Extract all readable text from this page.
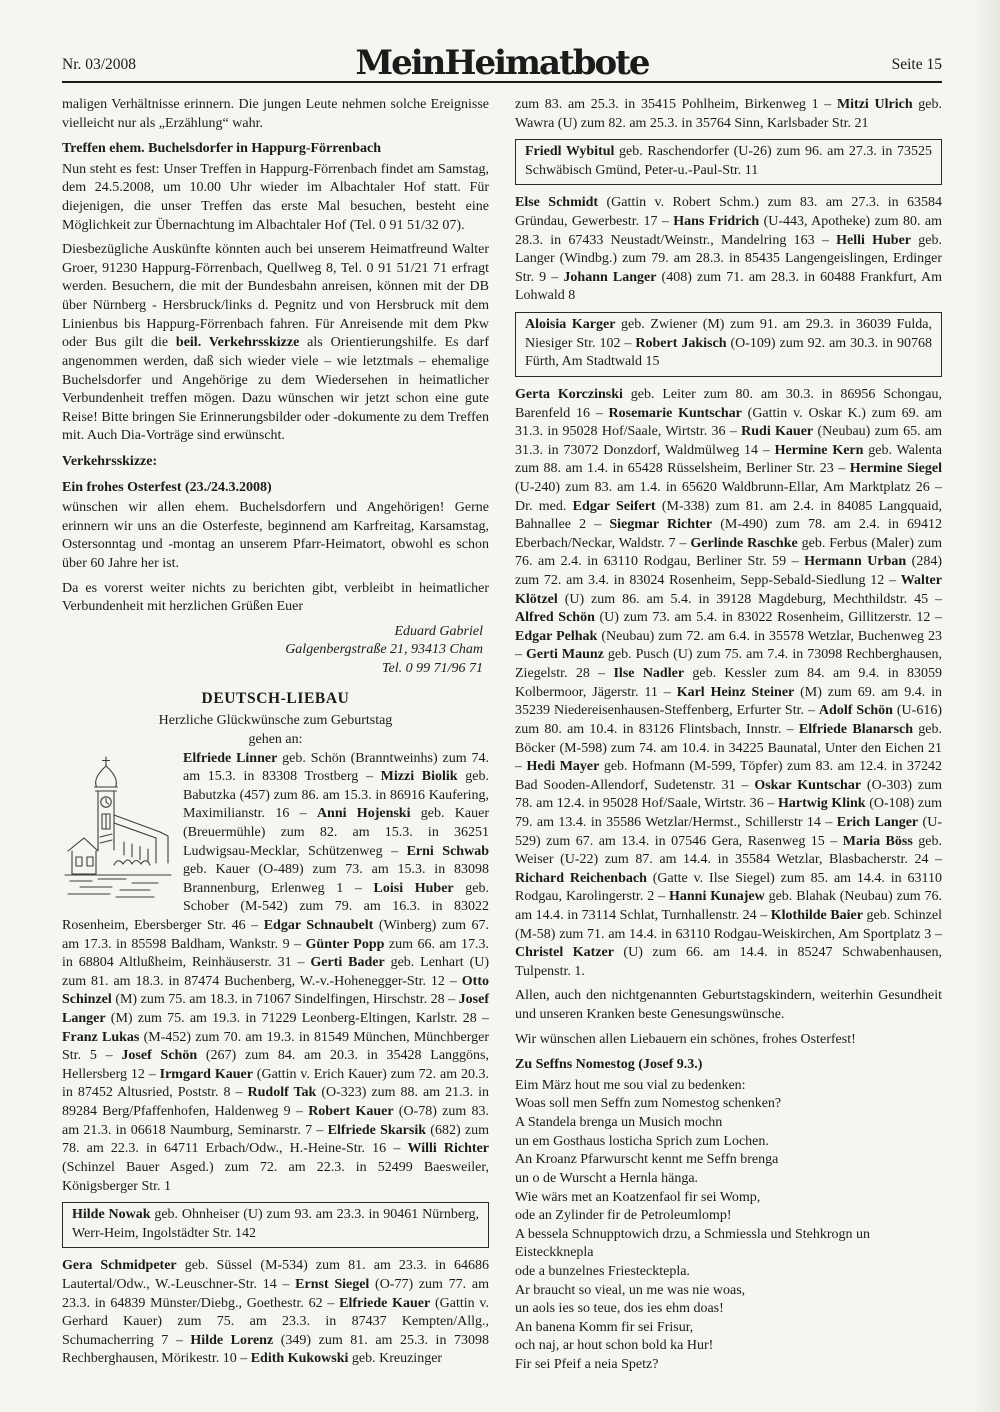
Nr. 03/2008	MeinHeimatbote	Seite 15

maligen Verhältnisse erinnern. Die jungen Leute nehmen solche Ereignisse vielleicht nur als „Erzählung“ wahr.

Treffen ehem. Buchelsdorfer in Happurg-Förrenbach

Nun steht es fest: Unser Treffen in Happurg-Förrenbach findet am Samstag, dem 24.5.2008, um 10.00 Uhr wieder im Albachtaler Hof statt. Für diejenigen, die unser Treffen das erste Mal besuchen, besteht eine Möglichkeit zur Übernachtung im Albachtaler Hof (Tel. 0 91 51/32 07).

Diesbezügliche Auskünfte könnten auch bei unserem Heimatfreund Walter Groer, 91230 Happurg-Förrenbach, Quellweg 8, Tel. 0 91 51/21 71 erfragt werden. Besuchern, die mit der Bundesbahn anreisen, können mit der DB über Nürnberg - Hersbruck/links d. Pegnitz und von Hersbruck mit dem Linienbus bis Happurg-Förrenbach fahren. Für Anreisende mit dem Pkw oder Bus gilt die beil. Verkehrsskizze als Orientierungshilfe. Es darf angenommen werden, daß sich wieder viele – wie letztmals – ehemalige Buchelsdorfer und Angehörige zu dem Wiedersehen in heimatlicher Verbundenheit treffen mögen. Dazu wünschen wir jetzt schon eine gute Reise! Bitte bringen Sie Erinnerungsbilder oder -dokumente zu dem Treffen mit. Auch Dia-Vorträge sind erwünscht.

Verkehrsskizze:

Ein frohes Osterfest (23./24.3.2008)

wünschen wir allen ehem. Buchelsdorfern und Angehörigen! Gerne erinnern wir uns an die Osterfeste, beginnend am Karfreitag, Karsamstag, Ostersonntag und -montag an unserem Pfarr-Heimatort, obwohl es schon über 60 Jahre her ist.

Da es vorerst weiter nichts zu berichten gibt, verbleibt in heimatlicher Verbundenheit mit herzlichen Grüßen Euer

Eduard Gabriel
Galgenbergstraße 21, 93413 Cham
Tel. 0 99 71/96 71

DEUTSCH-LIEBAU

Herzliche Glückwünsche zum Geburtstag

gehen an:

Elfriede Linner geb. Schön (Branntweinhs) zum 74. am 15.3. in 83308 Trostberg – Mizzi Biolik geb. Babutzka (457) zum 86. am 15.3. in 86916 Kaufering, Maximilianstr. 16 – Anni Hojenski geb. Kauer (Breuermühle) zum 82. am 15.3. in 36251 Ludwigsau-Mecklar, Schützenweg – Erni Schwab geb. Kauer (O-489) zum 73. am 15.3. in 83098 Brannenburg, Erlenweg 1 – Loisi Huber geb. Schober (M-542) zum 79. am 16.3. in 83022 Rosenheim, Ebersberger Str. 46 – Edgar Schnaubelt (Winberg) zum 67. am 17.3. in 85598 Baldham, Wankstr. 9 – Günter Popp zum 66. am 17.3. in 68804 Altlußheim, Reinhäuserstr. 31 – Gerti Bader geb. Lenhart (U) zum 81. am 18.3. in 87474 Buchenberg, W.-v.-Hohenegger-Str. 12 – Otto Schinzel (M) zum 75. am 18.3. in 71067 Sindelfingen, Hirschstr. 28 – Josef Langer (M) zum 75. am 19.3. in 71229 Leonberg-Eltingen, Karlstr. 28 – Franz Lukas (M-452) zum 70. am 19.3. in 81549 München, Münchberger Str. 5 – Josef Schön (267) zum 84. am 20.3. in 35428 Langgöns, Hellersberg 12 – Irmgard Kauer (Gattin v. Erich Kauer) zum 72. am 20.3. in 87452 Altusried, Poststr. 8 – Rudolf Tak (O-323) zum 88. am 21.3. in 89284 Berg/Pfaffenhofen, Haldenweg 9 – Robert Kauer (O-78) zum 83. am 21.3. in 06618 Naumburg, Seminarstr. 7 – Elfriede Skarsik (682) zum 78. am 22.3. in 64711 Erbach/Odw., H.-Heine-Str. 16 – Willi Richter (Schinzel Bauer Asged.) zum 72. am 22.3. in 52499 Baesweiler, Königsberger Str. 1

Hilde Nowak geb. Ohnheiser (U) zum 93. am 23.3. in 90461 Nürnberg, Werr-Heim, Ingolstädter Str. 142

Gera Schmidpeter geb. Süssel (M-534) zum 81. am 23.3. in 64686 Lautertal/Odw., W.-Leuschner-Str. 14 – Ernst Siegel (O-77) zum 77. am 23.3. in 64839 Münster/Diebg., Goethestr. 62 – Elfriede Kauer (Gattin v. Gerhard Kauer) zum 75. am 23.3. in 87437 Kempten/Allg., Schumacherring 7 – Hilde Lorenz (349) zum 81. am 25.3. in 73098 Rechberghausen, Mörikestr. 10 – Edith Kukowski geb. Kreuzinger

zum 83. am 25.3. in 35415 Pohlheim, Birkenweg 1 – Mitzi Ulrich geb. Wawra (U) zum 82. am 25.3. in 35764 Sinn, Karlsbader Str. 21

Friedl Wybitul geb. Raschendorfer (U-26) zum 96. am 27.3. in 73525 Schwäbisch Gmünd, Peter-u.-Paul-Str. 11

Else Schmidt (Gattin v. Robert Schm.) zum 83. am 27.3. in 63584 Gründau, Gewerbestr. 17 – Hans Fridrich (U-443, Apotheke) zum 80. am 28.3. in 67433 Neustadt/Weinstr., Mandelring 163 – Helli Huber geb. Langer (Windbg.) zum 79. am 28.3. in 85435 Langengeislingen, Erdinger Str. 9 – Johann Langer (408) zum 71. am 28.3. in 60488 Frankfurt, Am Lohwald 8

Aloisia Karger geb. Zwiener (M) zum 91. am 29.3. in 36039 Fulda, Niesiger Str. 102 – Robert Jakisch (O-109) zum 92. am 30.3. in 90768 Fürth, Am Stadtwald 15

Gerta Korczinski geb. Leiter zum 80. am 30.3. in 86956 Schongau, Barenfeld 16 – Rosemarie Kuntschar (Gattin v. Oskar K.) zum 69. am 31.3. in 95028 Hof/Saale, Wirtstr. 36 – Rudi Kauer (Neubau) zum 65. am 31.3. in 73072 Donzdorf, Waldmülweg 14 – Hermine Kern geb. Walenta zum 88. am 1.4. in 65428 Rüsselsheim, Berliner Str. 23 – Hermine Siegel (U-240) zum 83. am 1.4. in 65620 Waldbrunn-Ellar, Am Marktplatz 26 – Dr. med. Edgar Seifert (M-338) zum 81. am 2.4. in 84085 Langquaid, Bahnallee 2 – Siegmar Richter (M-490) zum 78. am 2.4. in 69412 Eberbach/Neckar, Waldstr. 7 – Gerlinde Raschke geb. Ferbus (Maler) zum 76. am 2.4. in 63110 Rodgau, Berliner Str. 59 – Hermann Urban (284) zum 72. am 3.4. in 83024 Rosenheim, Sepp-Sebald-Siedlung 12 – Walter Klötzel (U) zum 86. am 5.4. in 39128 Magdeburg, Mechthildstr. 45 – Alfred Schön (U) zum 73. am 5.4. in 83022 Rosenheim, Gillitzerstr. 12 – Edgar Pelhak (Neubau) zum 72. am 6.4. in 35578 Wetzlar, Buchenweg 23 – Gerti Maunz geb. Pusch (U) zum 75. am 7.4. in 73098 Rechberghausen, Ziegelstr. 28 – Ilse Nadler geb. Kessler zum 84. am 9.4. in 83059 Kolbermoor, Jägerstr. 11 – Karl Heinz Steiner (M) zum 69. am 9.4. in 35239 Niedereisenhausen-Steffenberg, Erfurter Str. – Adolf Schön (U-616) zum 80. am 10.4. in 83126 Flintsbach, Innstr. – Elfriede Blanarsch geb. Böcker (M-598) zum 74. am 10.4. in 34225 Baunatal, Unter den Eichen 21 – Hedi Mayer geb. Hofmann (M-599, Töpfer) zum 83. am 12.4. in 37242 Bad Sooden-Allendorf, Sudetenstr. 31 – Oskar Kuntschar (O-303) zum 78. am 12.4. in 95028 Hof/Saale, Wirtstr. 36 – Hartwig Klink (O-108) zum 79. am 13.4. in 35586 Wetzlar/Hermst., Schillerstr 14 – Erich Langer (U-529) zum 67. am 13.4. in 07546 Gera, Rasenweg 15 – Maria Böss geb. Weiser (U-22) zum 87. am 14.4. in 35584 Wetzlar, Blasbacherstr. 24 – Richard Reichenbach (Gatte v. Ilse Siegel) zum 85. am 14.4. in 63110 Rodgau, Karolingerstr. 2 – Hanni Kunajew geb. Blahak (Neubau) zum 76. am 14.4. in 73114 Schlat, Turnhallenstr. 24 – Klothilde Baier geb. Schinzel (M-58) zum 71. am 14.4. in 63110 Rodgau-Weiskirchen, Am Sportplatz 3 – Christel Katzer (U) zum 66. am 14.4. in 85247 Schwabenhausen, Tulpenstr. 1.

Allen, auch den nichtgenannten Geburtstagskindern, weiterhin Gesundheit und unseren Kranken beste Genesungswünsche.

Wir wünschen allen Liebauern ein schönes, frohes Osterfest!

Zu Seffns Nomestog (Josef 9.3.)

Eim März hout me sou vial zu bedenken:

Woas soll men Seffn zum Nomestog schenken?

A Standela brenga un Musich mochn

un em Gosthaus losticha Sprich zum Lochen.

An Kroanz Pfarwurscht kennt me Seffn brenga

un o de Wurscht a Hernla hänga.

Wie wärs met an Koatzenfaol fir sei Womp,

ode an Zylinder fir de Petroleumlomp!

A bessela Schnupptowich drzu, a Schmiessla und Stehkrogn un Eisteckknepla

ode a bunzelnes Friestecktepla.

Ar braucht so vieal, un me was nie woas,

un aols ies so teue, dos ies ehm doas!

An banena Komm fir sei Frisur,

och naj, ar hout schon bold ka Hur!

Fir sei Pfeif a neia Spetz?
